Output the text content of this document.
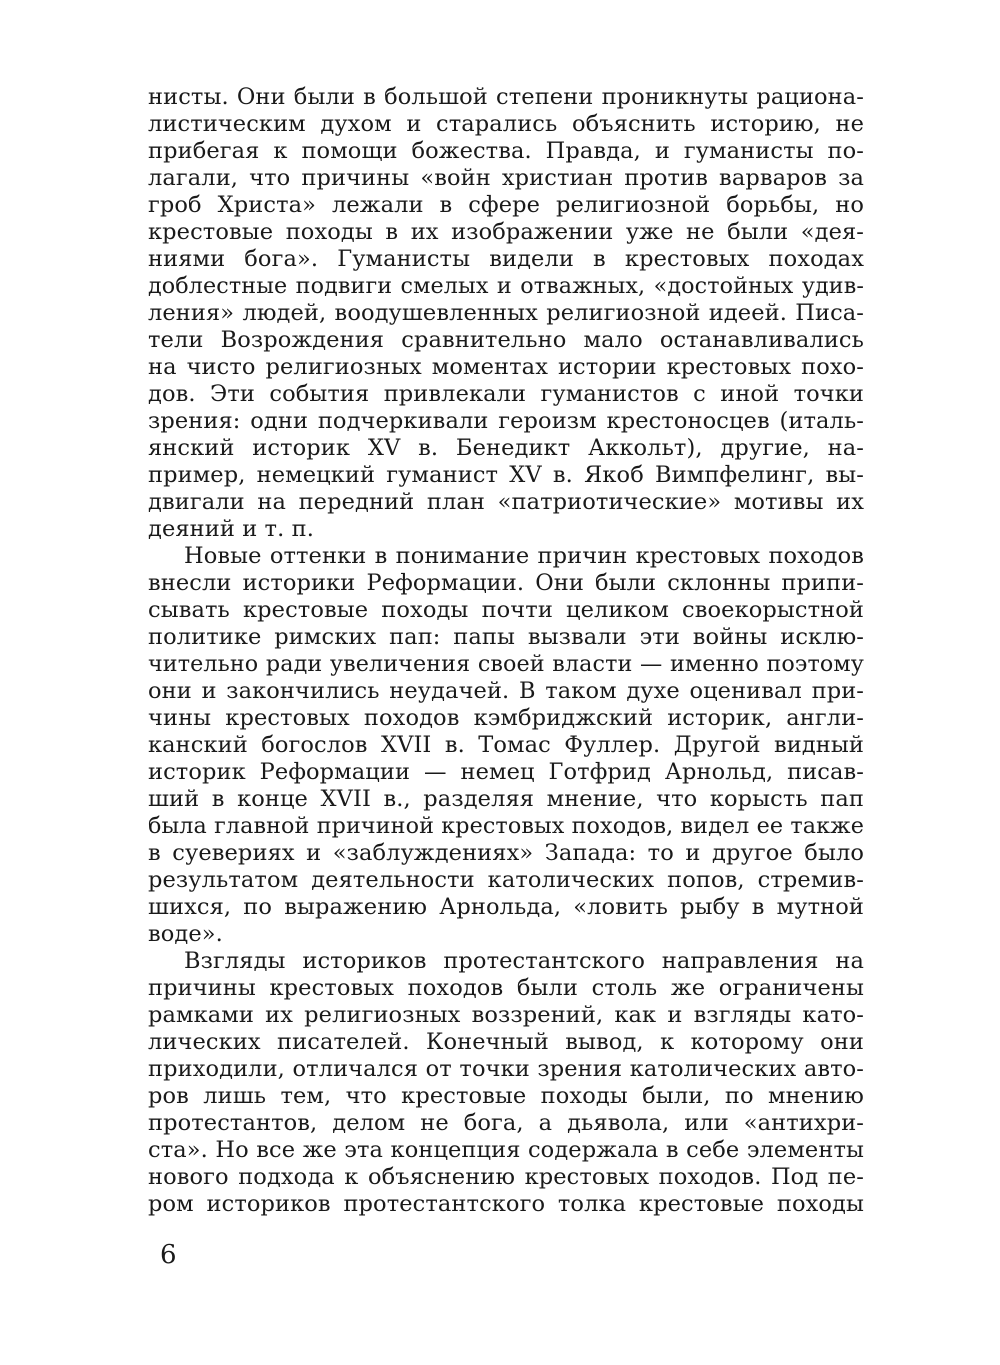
нисты. Они были в большой степени проникнуты рациона-
листическим духом и старались объяснить историю, не
прибегая к помощи божества. Правда, и гуманисты по-
лагали, что причины «войн христиан против варваров за
гроб Христа» лежали в сфере религиозной борьбы, но
крестовые походы в их изображении уже не были «дея-
ниями бога». Гуманисты видели в крестовых походах
доблестные подвиги смелых и отважных, «достойных удив-
ления» людей, воодушевленных религиозной идеей. Писа-
тели Возрождения сравнительно мало останавливались
на чисто религиозных моментах истории крестовых похо-
дов. Эти события привлекали гуманистов с иной точки
зрения: одни подчеркивали героизм крестоносцев (италь-
янский историк XV в. Бенедикт Аккольт), другие, на-
пример, немецкий гуманист XV в. Якоб Вимпфелинг, вы-
двигали на передний план «патриотические» мотивы их
деяний и т. п.
Новые оттенки в понимание причин крестовых походов
внесли историки Реформации. Они были склонны припи-
сывать крестовые походы почти целиком своекорыстной
политике римских пап: папы вызвали эти войны исклю-
чительно ради увеличения своей власти — именно поэтому
они и закончились неудачей. В таком духе оценивал при-
чины крестовых походов кэмбриджский историк, англи-
канский богослов XVII в. Томас Фуллер. Другой видный
историк Реформации — немец Готфрид Арнольд, писав-
ший в конце XVII в., разделяя мнение, что корысть пап
была главной причиной крестовых походов, видел ее также
в суевериях и «заблуждениях» Запада: то и другое было
результатом деятельности католических попов, стремив-
шихся, по выражению Арнольда, «ловить рыбу в мутной
воде».
Взгляды историков протестантского направления на
причины крестовых походов были столь же ограничены
рамками их религиозных воззрений, как и взгляды като-
лических писателей. Конечный вывод, к которому они
приходили, отличался от точки зрения католических авто-
ров лишь тем, что крестовые походы были, по мнению
протестантов, делом не бога, а дьявола, или «антихри-
ста». Но все же эта концепция содержала в себе элементы
нового подхода к объяснению крестовых походов. Под пе-
ром историков протестантского толка крестовые походы
6
